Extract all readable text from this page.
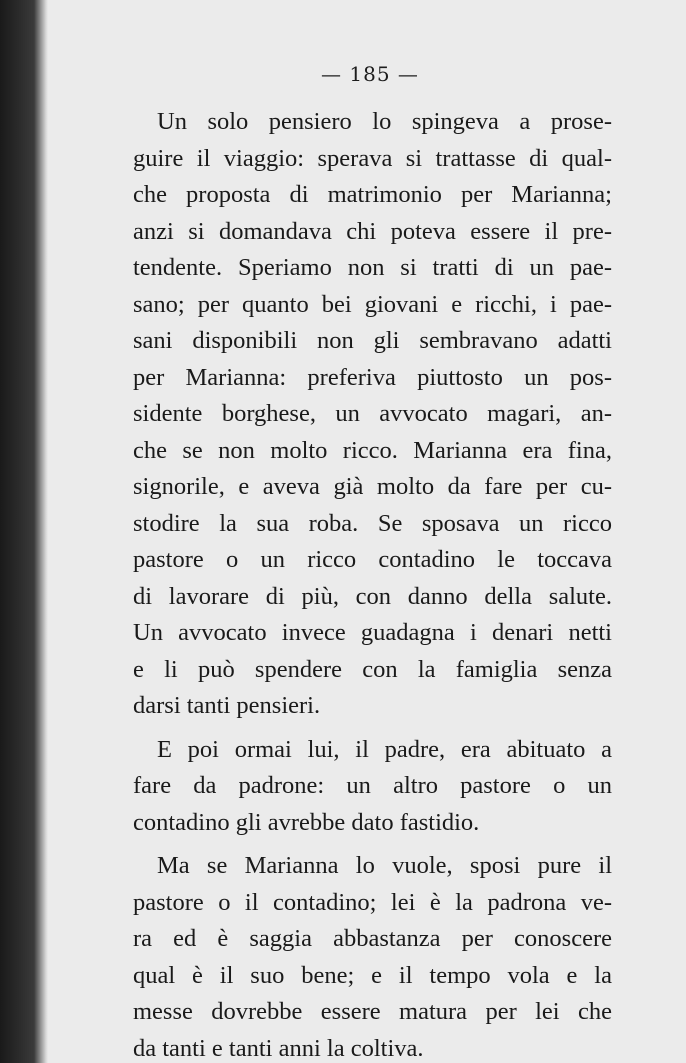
— 185 —
Un solo pensiero lo spingeva a prose-
guire il viaggio: sperava si trattasse di qual-
che proposta di matrimonio per Marianna;
anzi si domandava chi poteva essere il pre-
tendente. Speriamo non si tratti di un pae-
sano; per quanto bei giovani e ricchi, i pae-
sani disponibili non gli sembravano adatti
per Marianna: preferiva piuttosto un pos-
sidente borghese, un avvocato magari, an-
che se non molto ricco. Marianna era fina,
signorile, e aveva già molto da fare per cu-
stodire la sua roba. Se sposava un ricco
pastore o un ricco contadino le toccava
di lavorare di più, con danno della salute.
Un avvocato invece guadagna i denari netti
e li può spendere con la famiglia senza
darsi tanti pensieri.
E poi ormai lui, il padre, era abituato a
fare da padrone: un altro pastore o un
contadino gli avrebbe dato fastidio.
Ma se Marianna lo vuole, sposi pure il
pastore o il contadino; lei è la padrona ve-
ra ed è saggia abbastanza per conoscere
qual è il suo bene; e il tempo vola e la
messe dovrebbe essere matura per lei che
da tanti e tanti anni la coltiva.
